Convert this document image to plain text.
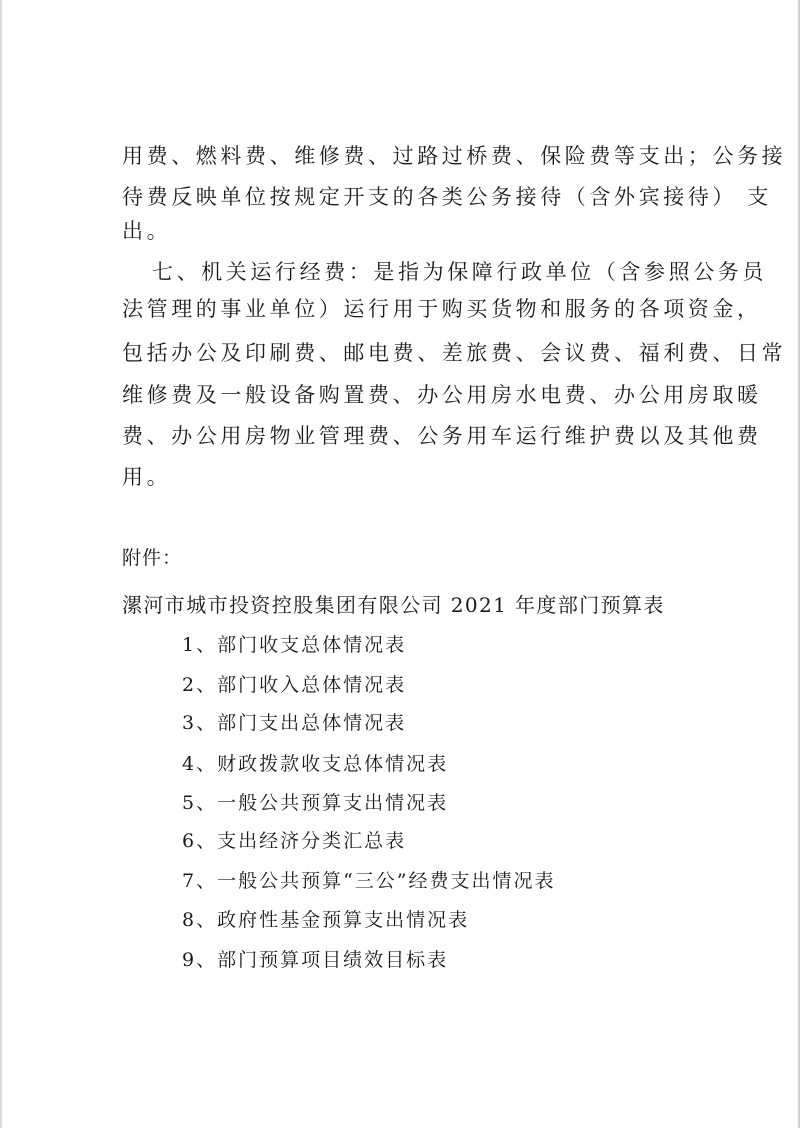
用费、燃料费、维修费、过路过桥费、保险费等支出；公务接
待费反映单位按规定开支的各类公务接待（含外宾接待） 支
出。
七、机关运行经费：是指为保障行政单位（含参照公务员
法管理的事业单位）运行用于购买货物和服务的各项资金，
包括办公及印刷费、邮电费、差旅费、会议费、福利费、日常
维修费及一般设备购置费、办公用房水电费、办公用房取暖
费、办公用房物业管理费、公务用车运行维护费以及其他费
用。
附件：
漯河市城市投资控股集团有限公司 2021 年度部门预算表
1、部门收支总体情况表
2、部门收入总体情况表
3、部门支出总体情况表
4、财政拨款收支总体情况表
5、一般公共预算支出情况表
6、支出经济分类汇总表
7、一般公共预算“三公”经费支出情况表
8、政府性基金预算支出情况表
9、部门预算项目绩效目标表
